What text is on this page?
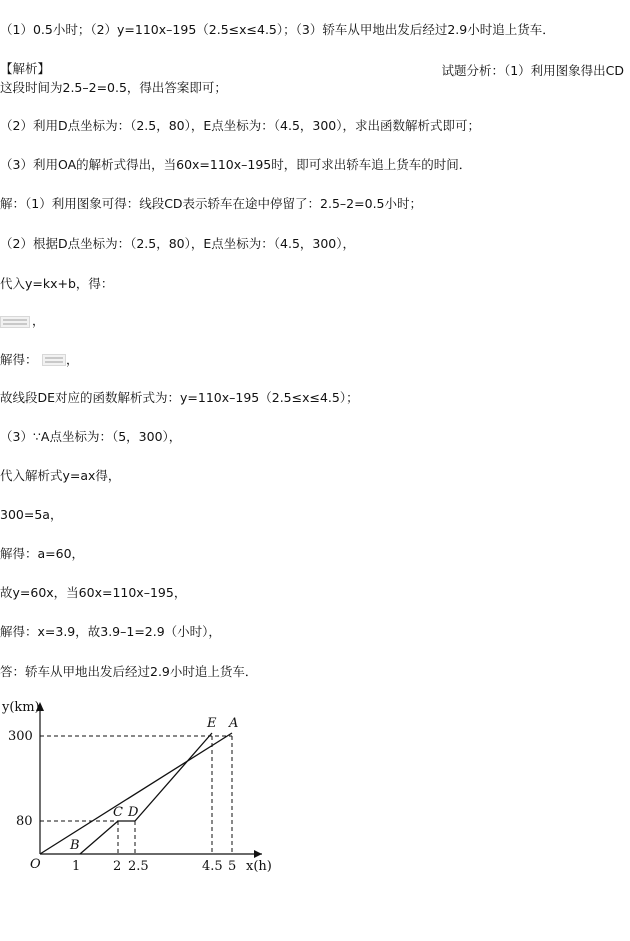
（1）0.5小时；（2）y=110x–195（2.5≤x≤4.5）；（3）轿车从甲地出发后经过2.9小时追上货车．
【解析】	试题分析：（1）利用图象得出CD
这段时间为2.5–2=0.5，得出答案即可；
（2）利用D点坐标为：（2.5，80），E点坐标为：（4.5，300），求出函数解析式即可；
（3）利用OA的解析式得出，当60x=110x–195时，即可求出轿车追上货车的时间．
解：（1）利用图象可得：线段CD表示轿车在途中停留了：2.5–2=0.5小时；
（2）根据D点坐标为：（2.5，80），E点坐标为：（4.5，300），
代入y=kx+b，得：
，
解得： ，
故线段DE对应的函数解析式为：y=110x–195（2.5≤x≤4.5）；
（3）∵A点坐标为：（5，300），
代入解析式y=ax得，
300=5a，
解得：a=60，
故y=60x，当60x=110x–195，
解得：x=3.9，故3.9–1=2.9（小时），
答：轿车从甲地出发后经过2.9小时追上货车．
y(km)
300
80
1	2 2.5	4.5 5 x(h)
O
E A
C D
B
